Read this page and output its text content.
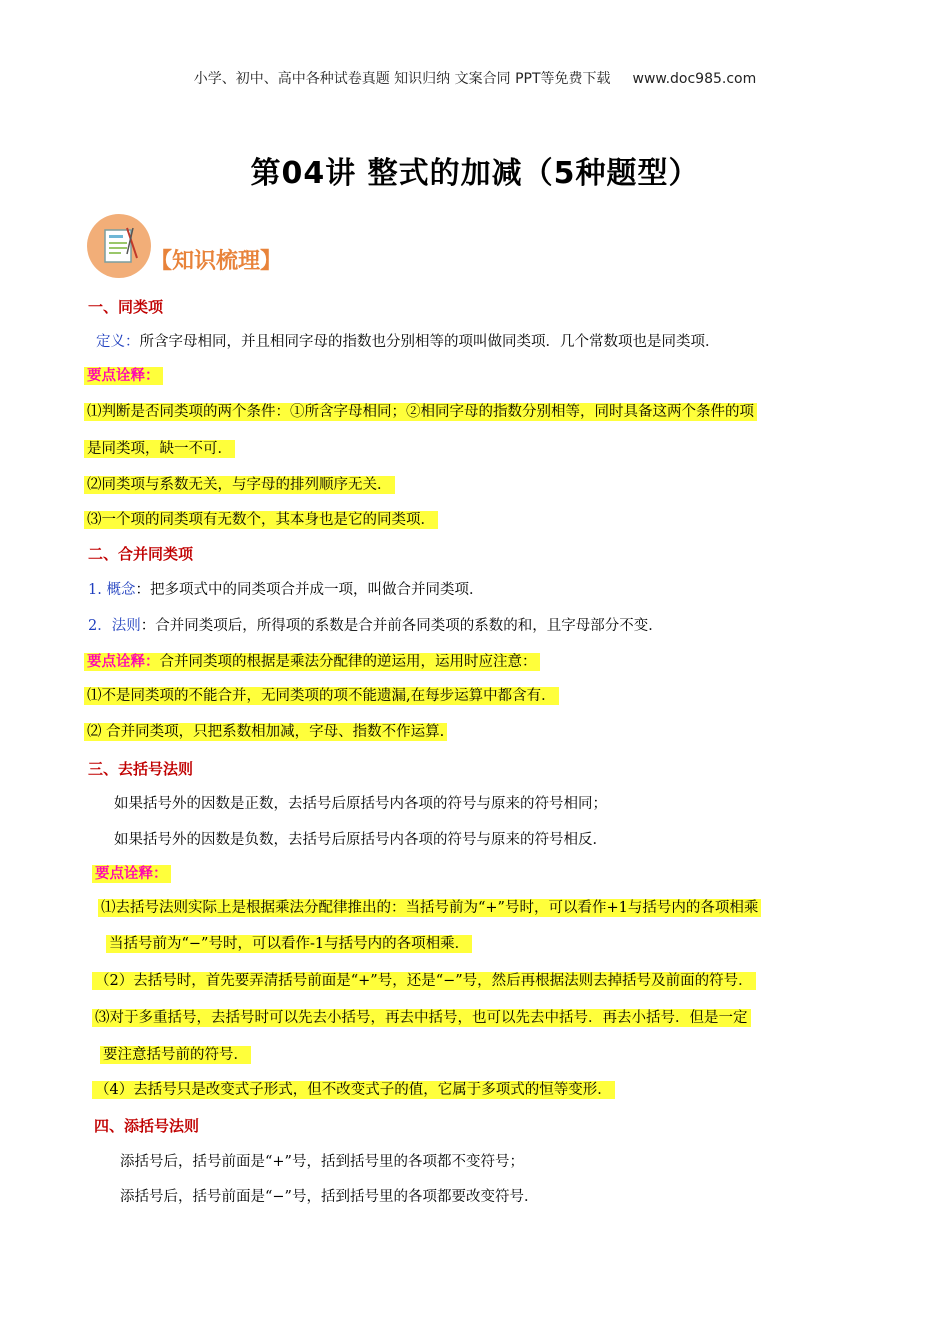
小学、初中、高中各种试卷真题 知识归纳 文案合同 PPT等免费下载 www.doc985.com
第04讲 整式的加减（5种题型）
【知识梳理】
一、同类项
定义：所含字母相同，并且相同字母的指数也分别相等的项叫做同类项．几个常数项也是同类项．
要点诠释：
⑴判断是否同类项的两个条件：①所含字母相同；②相同字母的指数分别相等，同时具备这两个条件的项
是同类项，缺一不可．
⑵同类项与系数无关，与字母的排列顺序无关．
⑶一个项的同类项有无数个，其本身也是它的同类项．
二、合并同类项
1. 概念：把多项式中的同类项合并成一项，叫做合并同类项．
2．法则：合并同类项后，所得项的系数是合并前各同类项的系数的和，且字母部分不变．
要点诠释：合并同类项的根据是乘法分配律的逆运用，运用时应注意：
⑴不是同类项的不能合并，无同类项的项不能遗漏,在每步运算中都含有．
⑵ 合并同类项，只把系数相加减，字母、指数不作运算.
三、去括号法则
如果括号外的因数是正数，去括号后原括号内各项的符号与原来的符号相同；
如果括号外的因数是负数，去括号后原括号内各项的符号与原来的符号相反．
要点诠释：
⑴去括号法则实际上是根据乘法分配律推出的：当括号前为“+”号时，可以看作+1与括号内的各项相乘
当括号前为“−”号时，可以看作-1与括号内的各项相乘．
（2）去括号时，首先要弄清括号前面是“+”号，还是“−”号，然后再根据法则去掉括号及前面的符号．
⑶对于多重括号，去括号时可以先去小括号，再去中括号，也可以先去中括号．再去小括号．但是一定
要注意括号前的符号．
（4）去括号只是改变式子形式，但不改变式子的值，它属于多项式的恒等变形．
四、添括号法则
添括号后，括号前面是“+”号，括到括号里的各项都不变符号；
添括号后，括号前面是“−”号，括到括号里的各项都要改变符号．
